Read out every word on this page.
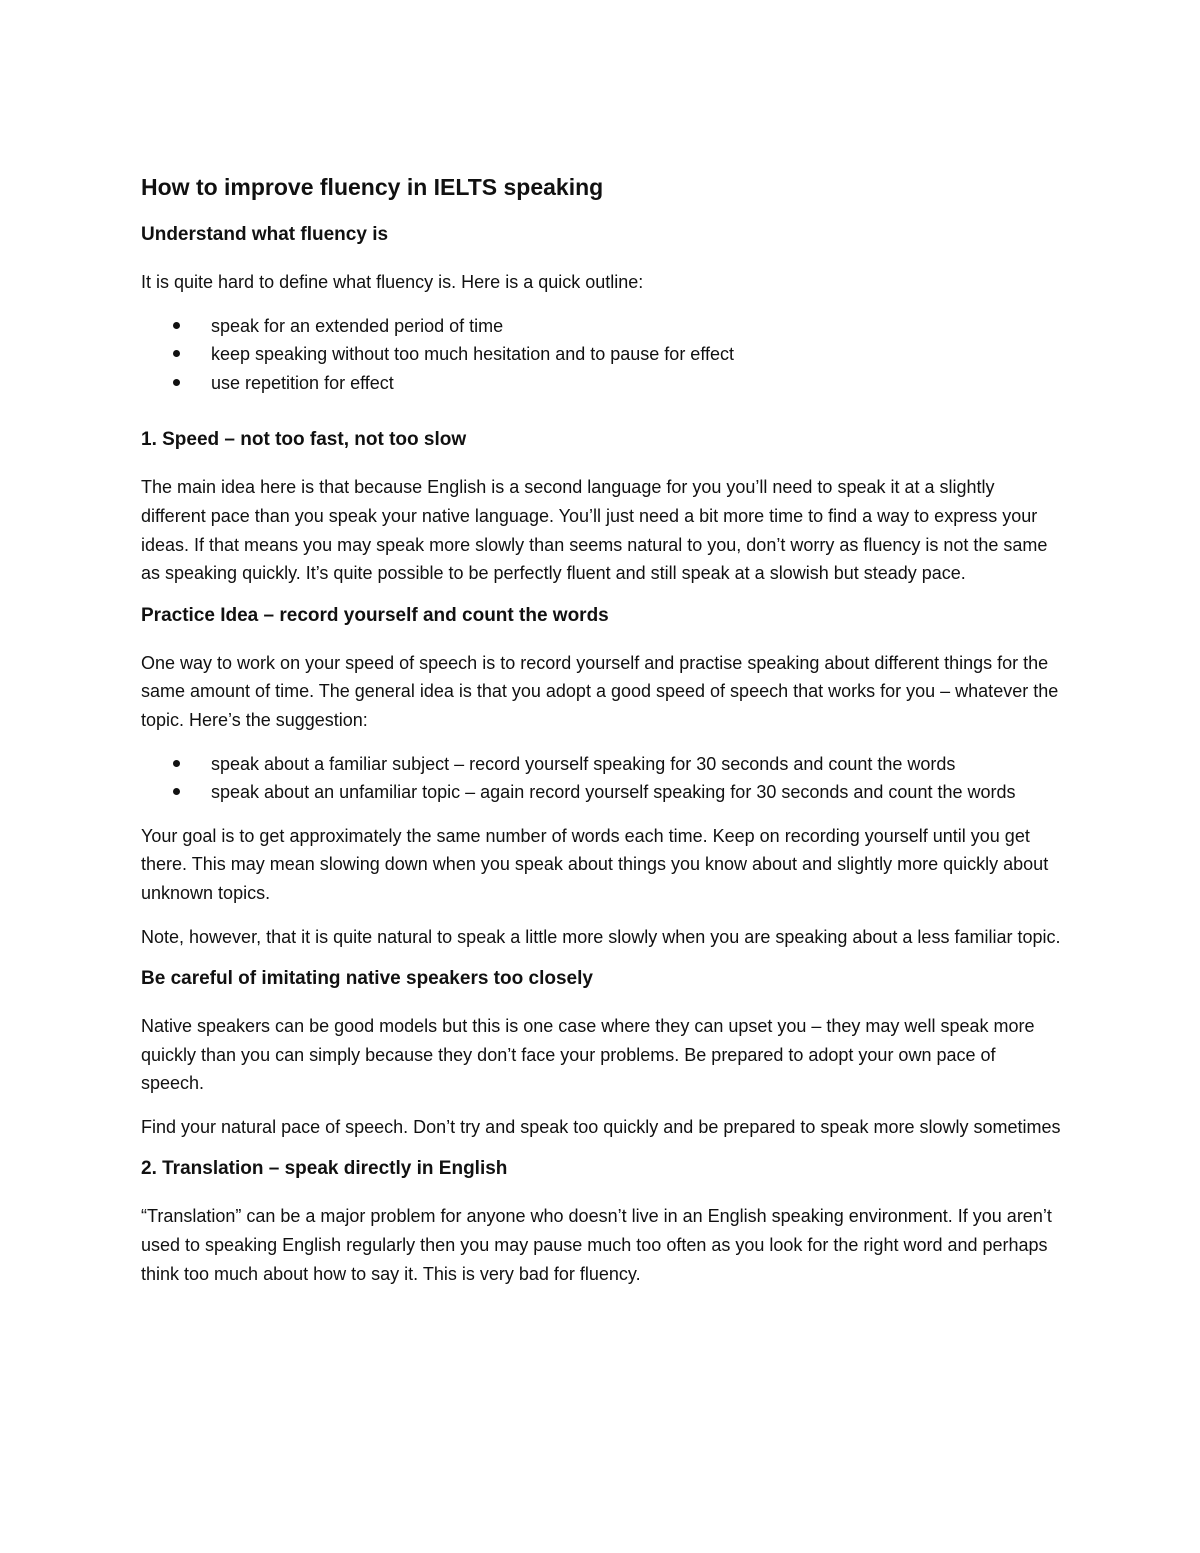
How to improve fluency in IELTS speaking
Understand what fluency is
It is quite hard to define what fluency is. Here is a quick outline:
speak for an extended period of time
keep speaking without too much hesitation and to pause for effect
use repetition for effect
1. Speed – not too fast, not too slow
The main idea here is that because English is a second language for you you’ll need to speak it at a slightly different pace than you speak your native language. You’ll just need a bit more time to find a way to express your ideas. If that means you may speak more slowly than seems natural to you, don’t worry as fluency is not the same as speaking quickly. It’s quite possible to be perfectly fluent and still speak at a slowish but steady pace.
Practice Idea – record yourself and count the words
One way to work on your speed of speech is to record yourself and practise speaking about different things for the same amount of time. The general idea is that you adopt a good speed of speech that works for you – whatever the topic. Here’s the suggestion:
speak about a familiar subject – record yourself speaking for 30 seconds and count the words
speak about an unfamiliar topic – again record yourself speaking for 30 seconds and count the words
Your goal is to get approximately the same number of words each time. Keep on recording yourself until you get there. This may mean slowing down when you speak about things you know about and slightly more quickly about unknown topics.
Note, however, that it is quite natural to speak a little more slowly when you are speaking about a less familiar topic.
Be careful of imitating native speakers too closely
Native speakers can be good models but this is one case where they can upset you – they may well speak more quickly than you can simply because they don’t face your problems. Be prepared to adopt your own pace of speech.
Find your natural pace of speech. Don’t try and speak too quickly and be prepared to speak more slowly sometimes
2. Translation – speak directly in English
“Translation” can be a major problem for anyone who doesn’t live in an English speaking environment. If you aren’t used to speaking English regularly then you may pause much too often as you look for the right word and perhaps think too much about how to say it. This is very bad for fluency.
